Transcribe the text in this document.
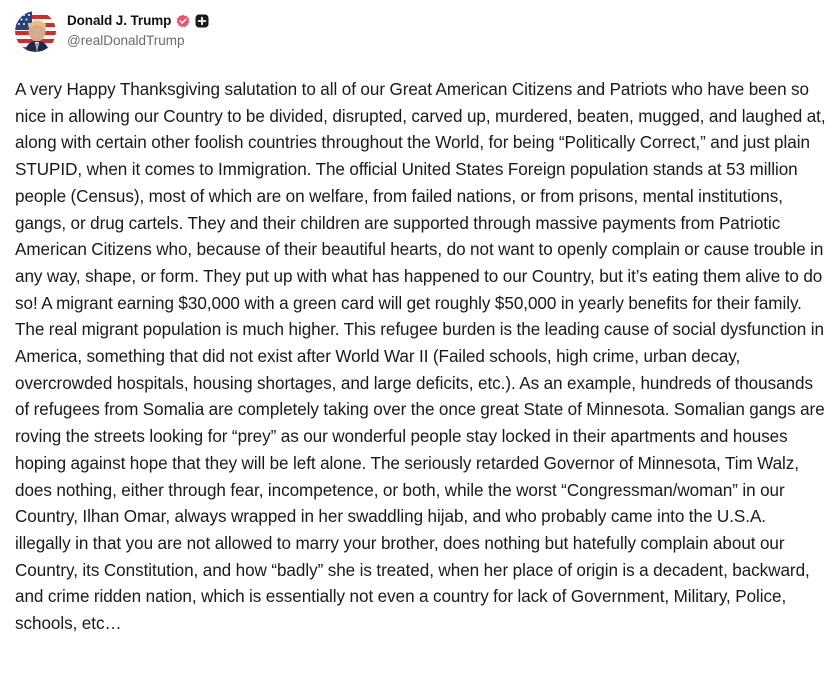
Donald J. Trump
@realDonaldTrump

A very Happy Thanksgiving salutation to all of our Great American Citizens and Patriots who have been so nice in allowing our Country to be divided, disrupted, carved up, murdered, beaten, mugged, and laughed at, along with certain other foolish countries throughout the World, for being “Politically Correct,” and just plain STUPID, when it comes to Immigration. The official United States Foreign population stands at 53 million people (Census), most of which are on welfare, from failed nations, or from prisons, mental institutions, gangs, or drug cartels. They and their children are supported through massive payments from Patriotic American Citizens who, because of their beautiful hearts, do not want to openly complain or cause trouble in any way, shape, or form. They put up with what has happened to our Country, but it’s eating them alive to do so! A migrant earning $30,000 with a green card will get roughly $50,000 in yearly benefits for their family. The real migrant population is much higher. This refugee burden is the leading cause of social dysfunction in America, something that did not exist after World War II (Failed schools, high crime, urban decay, overcrowded hospitals, housing shortages, and large deficits, etc.). As an example, hundreds of thousands of refugees from Somalia are completely taking over the once great State of Minnesota. Somalian gangs are roving the streets looking for “prey” as our wonderful people stay locked in their apartments and houses hoping against hope that they will be left alone. The seriously retarded Governor of Minnesota, Tim Walz, does nothing, either through fear, incompetence, or both, while the worst “Congressman/woman” in our Country, Ilhan Omar, always wrapped in her swaddling hijab, and who probably came into the U.S.A. illegally in that you are not allowed to marry your brother, does nothing but hatefully complain about our Country, its Constitution, and how “badly” she is treated, when her place of origin is a decadent, backward, and crime ridden nation, which is essentially not even a country for lack of Government, Military, Police, schools, etc…
